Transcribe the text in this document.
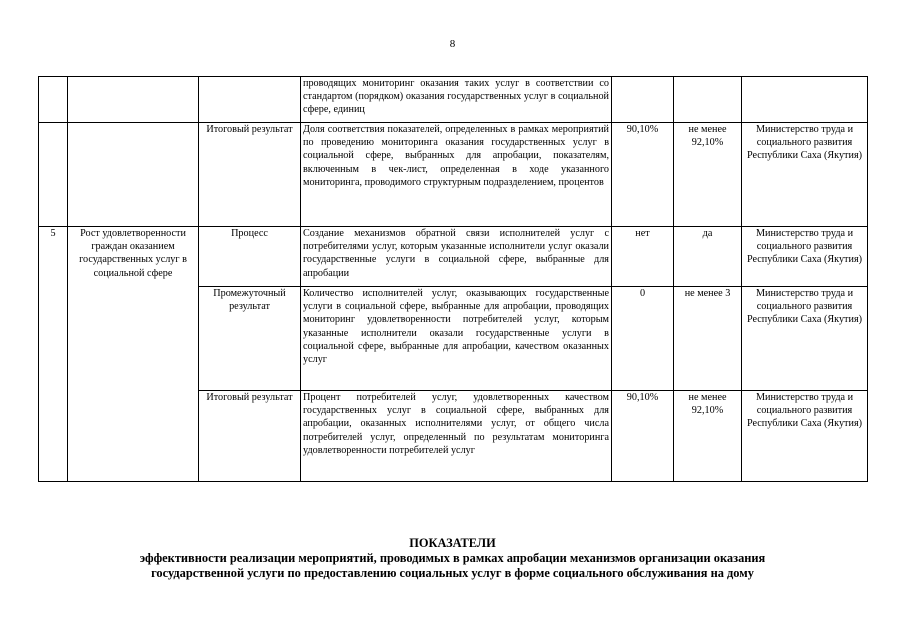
8
			проводящих мониторинг оказания таких услуг в соответствии со стандартом (порядком) оказания государственных услуг в социальной сфере, единиц			
		Итоговый результат	Доля соответствия показателей, определенных в рамках мероприятий по проведению мониторинга оказания государственных услуг в социальной сфере, выбранных для апробации, показателям, включенным в чек-лист, определенная в ходе указанного мониторинга, проводимого структурным подразделением, процентов	90,10%	не менее 92,10%	Министерство труда и социального развития Республики Саха (Якутия)
5	Рост удовлетворенности граждан оказанием государственных услуг в социальной сфере	Процесс	Создание механизмов обратной связи исполнителей услуг с потребителями услуг, которым указанные исполнители услуг оказали государственные услуги в социальной сфере, выбранные для апробации	нет	да	Министерство труда и социального развития Республики Саха (Якутия)
		Промежуточный результат	Количество исполнителей услуг, оказывающих государственные услуги в социальной сфере, выбранные для апробации, проводящих мониторинг удовлетворенности потребителей услуг, которым указанные исполнители оказали государственные услуги в социальной сфере, выбранные для апробации, качеством оказанных услуг	0	не менее 3	Министерство труда и социального развития Республики Саха (Якутия)
		Итоговый результат	Процент потребителей услуг, удовлетворенных качеством государственных услуг в социальной сфере, выбранных для апробации, оказанных исполнителями услуг, от общего числа потребителей услуг, определенный по результатам мониторинга удовлетворенности потребителей услуг	90,10%	не менее 92,10%	Министерство труда и социального развития Республики Саха (Якутия)
ПОКАЗАТЕЛИ
эффективности реализации мероприятий, проводимых в рамках апробации механизмов организации оказания
государственной услуги по предоставлению социальных услуг в форме социального обслуживания на дому
